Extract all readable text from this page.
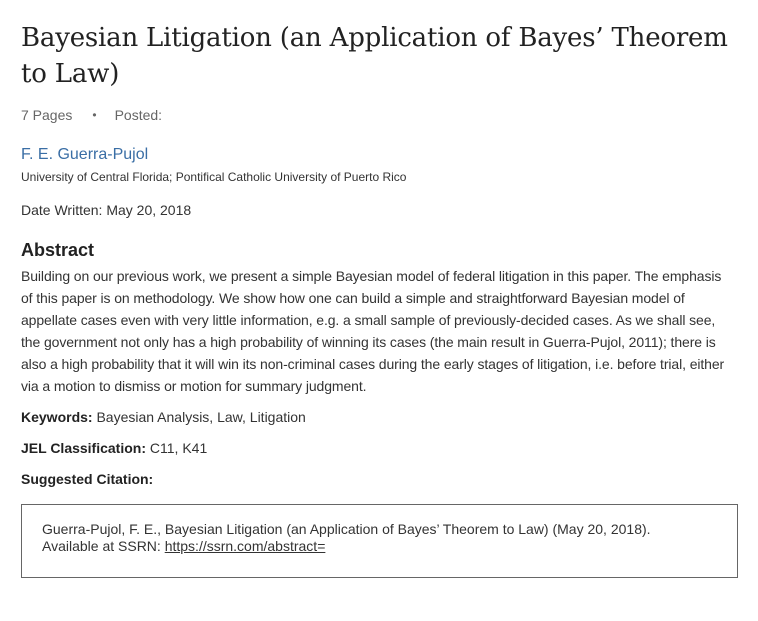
Bayesian Litigation (an Application of Bayes’ Theorem to Law)
7 Pages • Posted:
F. E. Guerra-Pujol
University of Central Florida; Pontifical Catholic University of Puerto Rico
Date Written: May 20, 2018
Abstract
Building on our previous work, we present a simple Bayesian model of federal litigation in this paper. The emphasis of this paper is on methodology. We show how one can build a simple and straightforward Bayesian model of appellate cases even with very little information, e.g. a small sample of previously-decided cases. As we shall see, the government not only has a high probability of winning its cases (the main result in Guerra-Pujol, 2011); there is also a high probability that it will win its non-criminal cases during the early stages of litigation, i.e. before trial, either via a motion to dismiss or motion for summary judgment.
Keywords: Bayesian Analysis, Law, Litigation
JEL Classification: C11, K41
Suggested Citation:
Guerra-Pujol, F. E., Bayesian Litigation (an Application of Bayes’ Theorem to Law) (May 20, 2018).
Available at SSRN: https://ssrn.com/abstract=
